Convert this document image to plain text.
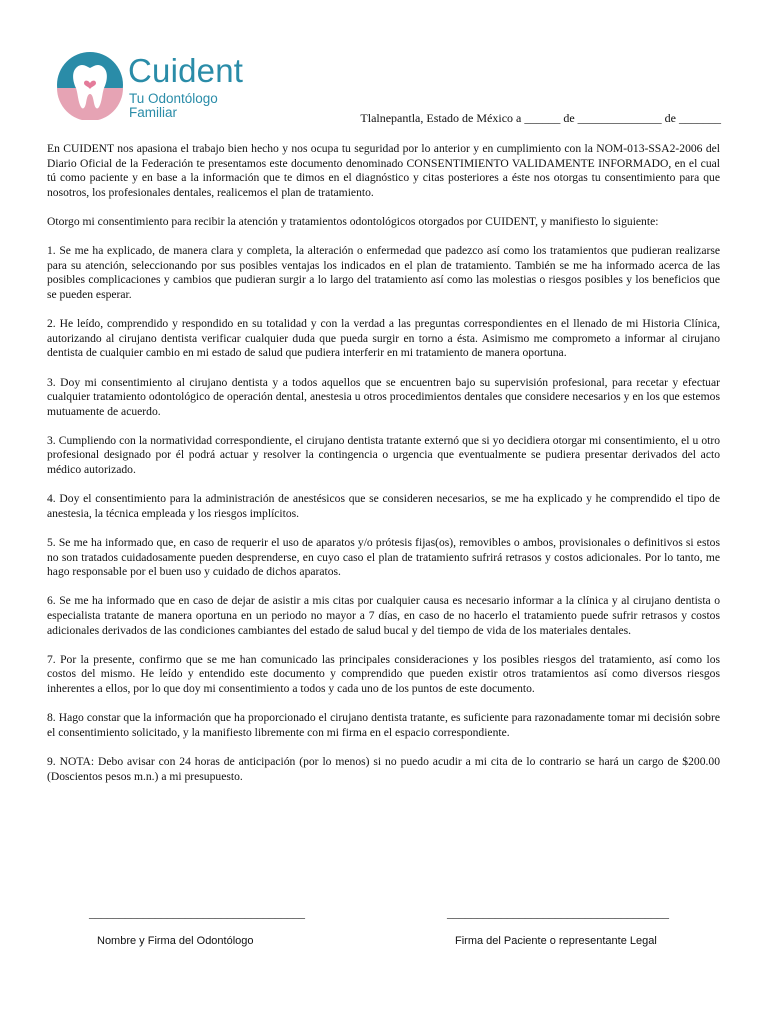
Cuident
Tu Odontólogo Familiar	Tlalnepantla, Estado de México a ______ de ______________ de _______

En CUIDENT nos apasiona el trabajo bien hecho y nos ocupa tu seguridad por lo anterior y en cumplimiento con la NOM-013-SSA2-2006 del Diario Oficial de la Federación te presentamos este documento denominado CONSENTIMIENTO VALIDAMENTE INFORMADO, en el cual tú como paciente y en base a la información que te dimos en el diagnóstico y citas posteriores a éste nos otorgas tu consentimiento para que nosotros, los profesionales dentales, realicemos el plan de tratamiento.

Otorgo mi consentimiento para recibir la atención y tratamientos odontológicos otorgados por CUIDENT, y manifiesto lo siguiente:

1. Se me ha explicado, de manera clara y completa, la alteración o enfermedad que padezco así como los tratamientos que pudieran realizarse para su atención, seleccionando por sus posibles ventajas los indicados en el plan de tratamiento. También se me ha informado acerca de las posibles complicaciones y cambios que pudieran surgir a lo largo del tratamiento así como las molestias o riesgos posibles y los beneficios que se pueden esperar.

2. He leído, comprendido y respondido en su totalidad y con la verdad a las preguntas correspondientes en el llenado de mi Historia Clínica, autorizando al cirujano dentista verificar cualquier duda que pueda surgir en torno a ésta. Asimismo me comprometo a informar al cirujano dentista de cualquier cambio en mi estado de salud que pudiera interferir en mi tratamiento de manera oportuna.

3. Doy mi consentimiento al cirujano dentista y a todos aquellos que se encuentren bajo su supervisión profesional, para recetar y efectuar cualquier tratamiento odontológico de operación dental, anestesia u otros procedimientos dentales que considere necesarios y en los que estemos mutuamente de acuerdo.

3. Cumpliendo con la normatividad correspondiente, el cirujano dentista tratante externó que si yo decidiera otorgar mi consentimiento, el u otro profesional designado por él podrá actuar y resolver la contingencia o urgencia que eventualmente se pudiera presentar derivados del acto médico autorizado.

4. Doy el consentimiento para la administración de anestésicos que se consideren necesarios, se me ha explicado y he comprendido el tipo de anestesia, la técnica empleada y los riesgos implícitos.

5. Se me ha informado que, en caso de requerir el uso de aparatos y/o prótesis fijas(os), removibles o ambos, provisionales o definitivos si estos no son tratados cuidadosamente pueden desprenderse, en cuyo caso el plan de tratamiento sufrirá retrasos y costos adicionales. Por lo tanto, me hago responsable por el buen uso y cuidado de dichos aparatos.

6. Se me ha informado que en caso de dejar de asistir a mis citas por cualquier causa es necesario informar a la clínica y al cirujano dentista o especialista tratante de manera oportuna en un periodo no mayor a 7 días, en caso de no hacerlo el tratamiento puede sufrir retrasos y costos adicionales derivados de las condiciones cambiantes del estado de salud bucal y del tiempo de vida de los materiales dentales.

7. Por la presente, confirmo que se me han comunicado las principales consideraciones y los posibles riesgos del tratamiento, así como los costos del mismo. He leído y entendido este documento y comprendido que pueden existir otros tratamientos así como diversos riesgos inherentes a ellos, por lo que doy mi consentimiento a todos y cada uno de los puntos de este documento.

8. Hago constar que la información que ha proporcionado el cirujano dentista tratante, es suficiente para razonadamente tomar mi decisión sobre el consentimiento solicitado, y la manifiesto libremente con mi firma en el espacio correspondiente.

9. NOTA: Debo avisar con 24 horas de anticipación (por lo menos) si no puedo acudir a mi cita de lo contrario se hará un cargo de $200.00 (Doscientos pesos m.n.) a mi presupuesto.

____________________________________	_____________________________________
Nombre y Firma del Odontólogo	Firma del Paciente o representante Legal
